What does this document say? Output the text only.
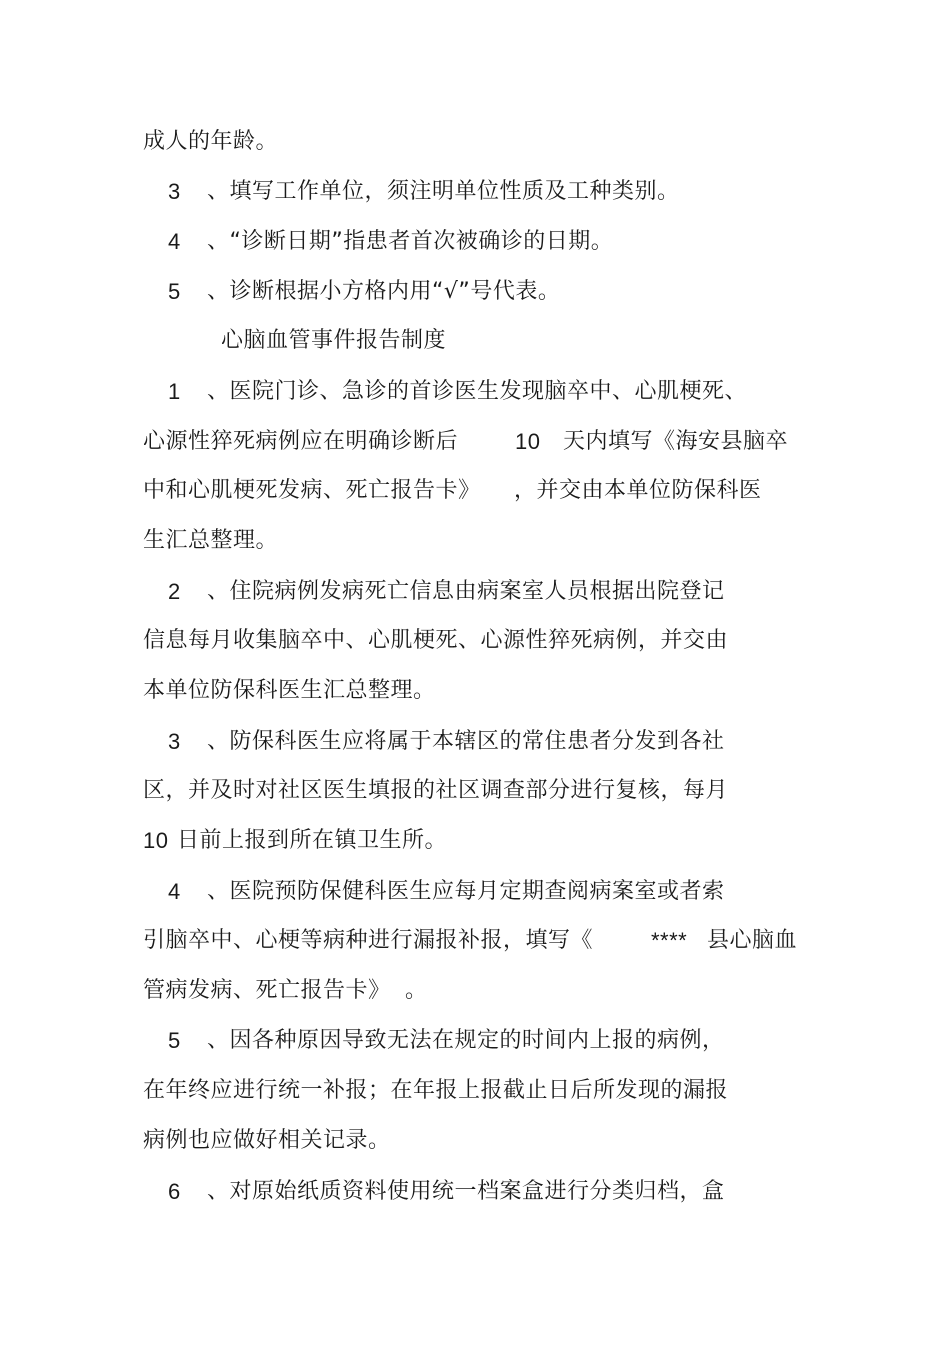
成人的年龄。

3

、填写工作单位，须注明单位性质及工种类别。

4

、“诊断日期”指患者首次被确诊的日期。

5

、诊断根据小方格内用“√”号代表。

心脑血管事件报告制度

1

、医院门诊、急诊的首诊医生发现脑卒中、心肌梗死、

心源性猝死病例应在明确诊断后

	10

天内填写《海安县脑卒

中和心肌梗死发病、死亡报告卡》

，并交由本单位防保科医

生汇总整理。

2

、住院病例发病死亡信息由病案室人员根据出院登记

信息每月收集脑卒中、心肌梗死、心源性猝死病例，并交由

本单位防保科医生汇总整理。

3

、防保科医生应将属于本辖区的常住患者分发到各社

区，并及时对社区医生填报的社区调查部分进行复核，每月

10

日前上报到所在镇卫生所。

4

、医院预防保健科医生应每月定期查阅病案室或者索

引脑卒中、心梗等病种进行漏报补报，填写《

	****

县心脑血

管病发病、死亡报告卡》

。

5

、因各种原因导致无法在规定的时间内上报的病例，

在年终应进行统一补报；在年报上报截止日后所发现的漏报

病例也应做好相关记录。

6

、对原始纸质资料使用统一档案盒进行分类归档，盒
